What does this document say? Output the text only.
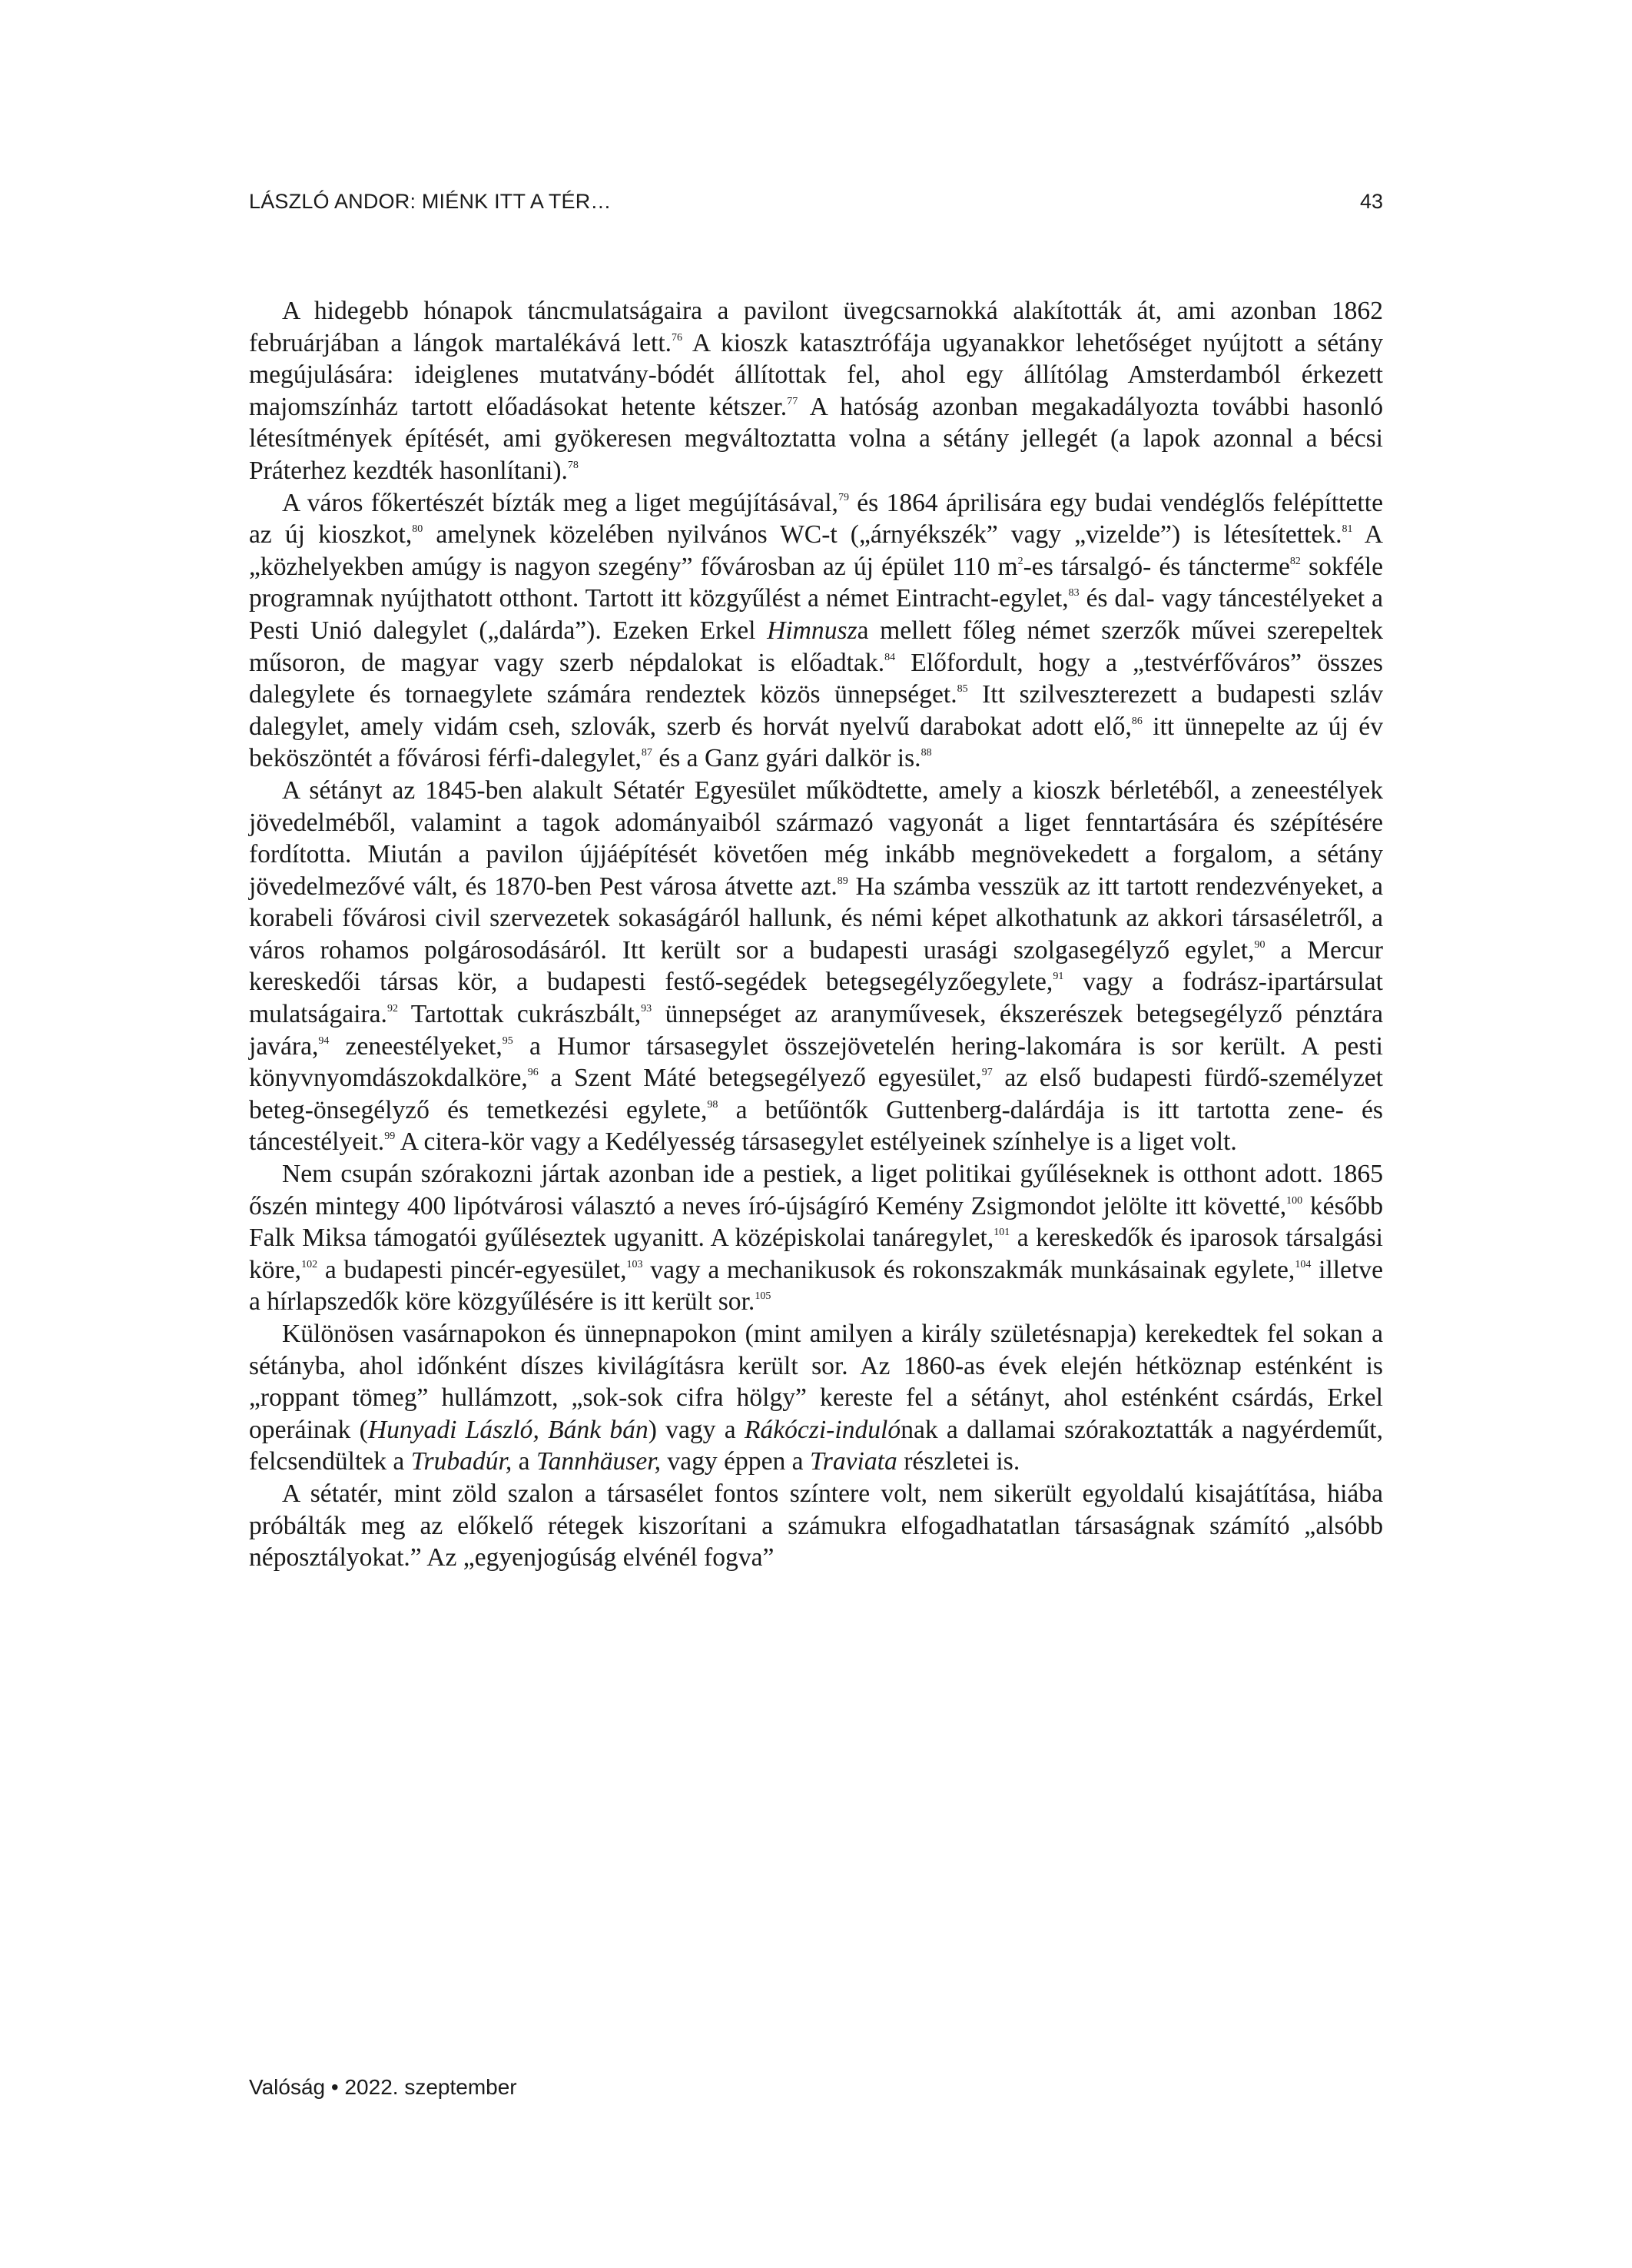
LÁSZLÓ ANDOR: MIÉNK ITT A TÉR…	43

A hidegebb hónapok táncmulatságaira a pavilont üvegcsarnokká alakították át, ami azonban 1862 februárjában a lángok martalékává lett.$^{76}$ A kioszk katasztrófája ugyanakkor lehetőséget nyújtott a sétány megújulására: ideiglenes mutatvány-bódét állítottak fel, ahol egy állítólag Amsterdamból érkezett majomszínház tartott előadásokat hetente kétszer.$^{77}$ A hatóság azonban megakadályozta további hasonló létesítmények építését, ami gyökeresen megváltoztatta volna a sétány jellegét (a lapok azonnal a bécsi Práterhez kezdték hasonlítani).$^{78}$

A város főkertészét bízták meg a liget megújításával,$^{79}$ és 1864 áprilisára egy budai vendéglős felépíttette az új kioszkot,$^{80}$ amelynek közelében nyilvános WC-t („árnyékszék” vagy „vizelde”) is létesítettek.$^{81}$ A „közhelyekben amúgy is nagyon szegény” fővárosban az új épület 110 $m^2-es$ társalgó- és táncterme$^{82}$ sokféle programnak nyújthatott otthont. Tartott itt közgyűlést a német Eintracht-egylet,$^{83}$ és dal- vagy táncestélyeket a Pesti Unió dalegylet („dalárda”). Ezeken Erkel Himnusza mellett főleg német szerzők művei szerepeltek műsoron, de magyar vagy szerb népdalokat is előadtak.$^{84}$ Előfordult, hogy a „testvérfőváros” összes dalegylete és tornaegylete számára rendeztek közös ünnepséget.$^{85}$ Itt szilveszterezett a budapesti szláv dalegylet, amely vidám cseh, szlovák, szerb és horvát nyelvű darabokat adott elő,$^{86}$ itt ünnepelte az új év beköszöntét a fővárosi férfi-dalegylet,$^{87}$ és a Ganz gyári dalkör is.$^{88}$

A sétányt az 1845-ben alakult Sétatér Egyesület működtette, amely a kioszk bérletéből, a zeneestélyek jövedelméből, valamint a tagok adományaiból származó vagyonát a liget fenntartására és szépítésére fordította. Miután a pavilon újjáépítését követően még inkább megnövekedett a forgalom, a sétány jövedelmezővé vált, és 1870-ben Pest városa átvette azt.$^{89}$ Ha számba vesszük az itt tartott rendezvényeket, a korabeli fővárosi civil szervezetek sokaságáról hallunk, és némi képet alkothatunk az akkori társaséletről, a város rohamos polgárosodásáról. Itt került sor a budapesti urasági szolgasegélyző egylet,$^{90}$ a Mercur kereskedői társas kör, a budapesti festő-segédek betegsegélyzőegylete,$^{91}$ vagy a fodrász-ipartársulat mulatságaira.$^{92}$ Tartottak cukrászbált,$^{93}$ ünnepséget az aranyművesek, ékszerészek betegsegélyző pénztára javára,$^{94}$ zeneestélyeket,$^{95}$ a Humor társasegylet összejövetelén hering-lakomára is sor került. A pesti könyvnyomdászokdalköre,$^{96}$ a Szent Máté betegsegélyező egyesület,$^{97}$ az első budapesti fürdő-személyzet beteg-önsegélyző és temetkezési egylete,$^{98}$ a betűöntők Guttenberg-dalárdája is itt tartotta zene- és táncestélyeit.$^{99}$ A citera-kör vagy a Kedélyesség társasegylet estélyeinek színhelye is a liget volt.

Nem csupán szórakozni jártak azonban ide a pestiek, a liget politikai gyűléseknek is otthont adott. 1865 őszén mintegy 400 lipótvárosi választó a neves író-újságíró Kemény Zsigmondot jelölte itt követté,$^{100}$ később Falk Miksa támogatói gyűléseztek ugyanitt. A középiskolai tanáregylet,$^{101}$ a kereskedők és iparosok társalgási köre,$^{102}$ a budapesti pincér-egyesület,$^{103}$ vagy a mechanikusok és rokonszakmák munkásainak egylete,$^{104}$ illetve a hírlapszedők köre közgyűlésére is itt került sor.$^{105}$

Különösen vasárnapokon és ünnepnapokon (mint amilyen a király születésnapja) kerekedtek fel sokan a sétányba, ahol időnként díszes kivilágításra került sor. Az 1860-as évek elején hétköznap esténként is „roppant tömeg” hullámzott, „sok-sok cifra hölgy” kereste fel a sétányt, ahol esténként csárdás, Erkel operáinak (Hunyadi László, Bánk bán) vagy a Rákóczi-indulónak a dallamai szórakoztatták a nagyérdeműt, felcsendültek a Trubadúr, a Tannhäuser, vagy éppen a Traviata részletei is.

A sétatér, mint zöld szalon a társasélet fontos színtere volt, nem sikerült egyoldalú kisajátítása, hiába próbálták meg az előkelő rétegek kiszorítani a számukra elfogadhatatlan társaságnak számító „alsóbb néposztályokat.” Az „egyenjogúság elvénél fogva”

Valóság • 2022. szeptember
